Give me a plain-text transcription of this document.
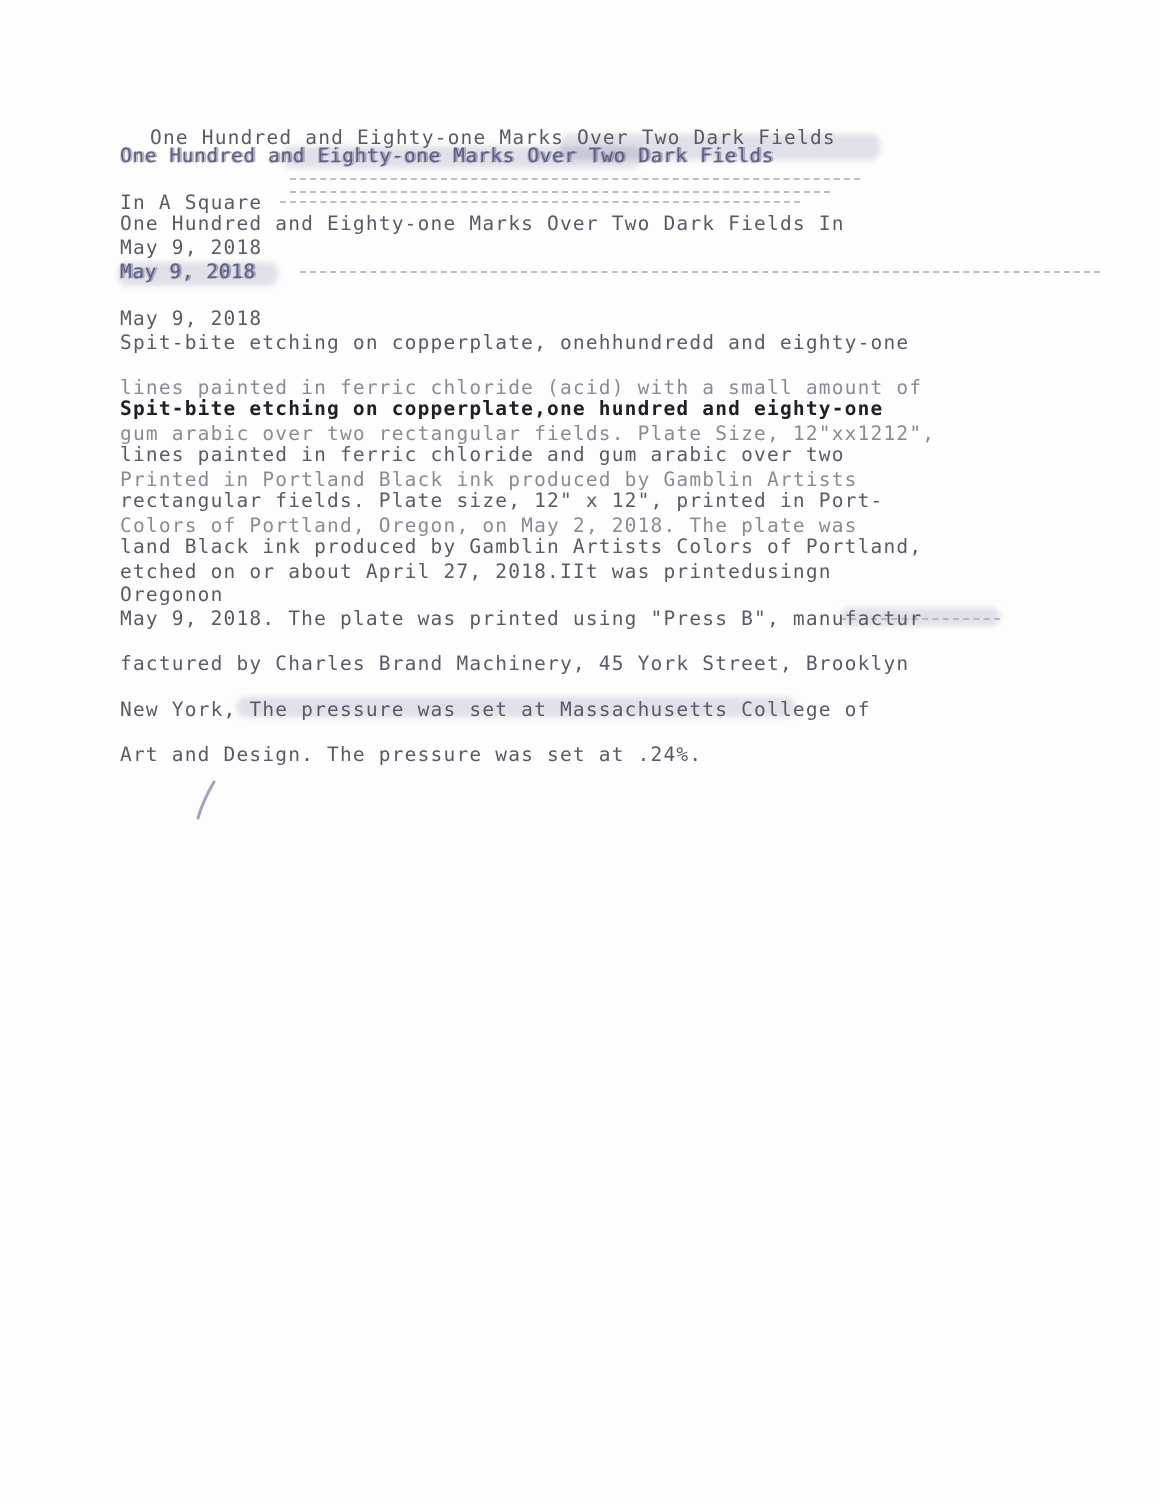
One Hundred and Eighty-one Marks Over Two Dark Fields
One Hundred and Eighty-one Marks Over Two Dark Fields
In A Square
One Hundred and Eighty-one Marks Over Two Dark Fields In
May 9, 2018
May 9, 2018
May 9, 2018
Spit-bite etching on copperplate, onehhundredd and eighty-one
lines painted in ferric chloride (acid) with a small amount of
Spit-bite etching on copperplate,one hundred and eighty-one
gum arabic over two rectangular fields. Plate Size, 12"xx1212",
lines painted in ferric chloride and gum arabic over two
Printed in Portland Black ink produced by Gamblin Artists
rectangular fields. Plate size, 12" x 12", printed in Port-
Colors of Portland, Oregon, on May 2, 2018. The plate was
land Black ink produced by Gamblin Artists Colors of Portland,
etched on or about April 27, 2018.IIt was printedusingn
Oregonon
May 9, 2018. The plate was printed using "Press B", manufactur
factured by Charles Brand Machinery, 45 York Street, Brooklyn
New York, The pressure was set at Massachusetts College of
Art and Design. The pressure was set at .24%.
